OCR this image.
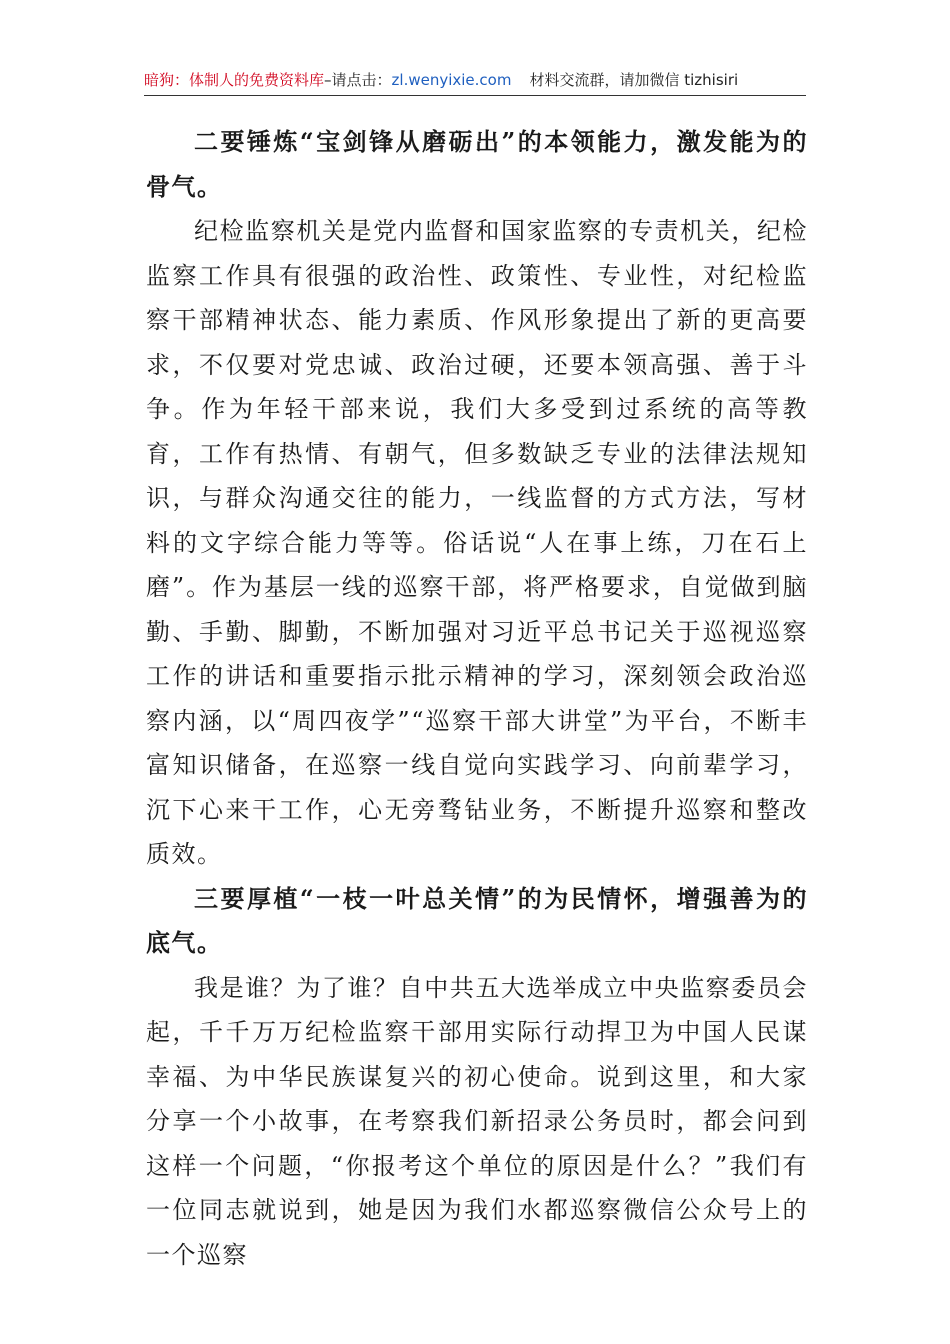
暗狗：体制人的免费资料库–请点击：zl.wenyixie.com 材料交流群，请加微信 tizhisiri

二要锤炼“宝剑锋从磨砺出”的本领能力，激发能为的骨气。

纪检监察机关是党内监督和国家监察的专责机关，纪检监察工作具有很强的政治性、政策性、专业性，对纪检监察干部精神状态、能力素质、作风形象提出了新的更高要求，不仅要对党忠诚、政治过硬，还要本领高强、善于斗争。作为年轻干部来说，我们大多受到过系统的高等教育，工作有热情、有朝气，但多数缺乏专业的法律法规知识，与群众沟通交往的能力，一线监督的方式方法，写材料的文字综合能力等等。俗话说“人在事上练，刀在石上磨”。作为基层一线的巡察干部，将严格要求，自觉做到脑勤、手勤、脚勤，不断加强对习近平总书记关于巡视巡察工作的讲话和重要指示批示精神的学习，深刻领会政治巡察内涵，以“周四夜学”“巡察干部大讲堂”为平台，不断丰富知识储备，在巡察一线自觉向实践学习、向前辈学习，沉下心来干工作，心无旁骛钻业务，不断提升巡察和整改质效。

三要厚植“一枝一叶总关情”的为民情怀，增强善为的底气。

我是谁？为了谁？自中共五大选举成立中央监察委员会起，千千万万纪检监察干部用实际行动捍卫为中国人民谋幸福、为中华民族谋复兴的初心使命。说到这里，和大家分享一个小故事，在考察我们新招录公务员时，都会问到这样一个问题，“你报考这个单位的原因是什么？”我们有一位同志就说到，她是因为我们水都巡察微信公众号上的一个巡察
